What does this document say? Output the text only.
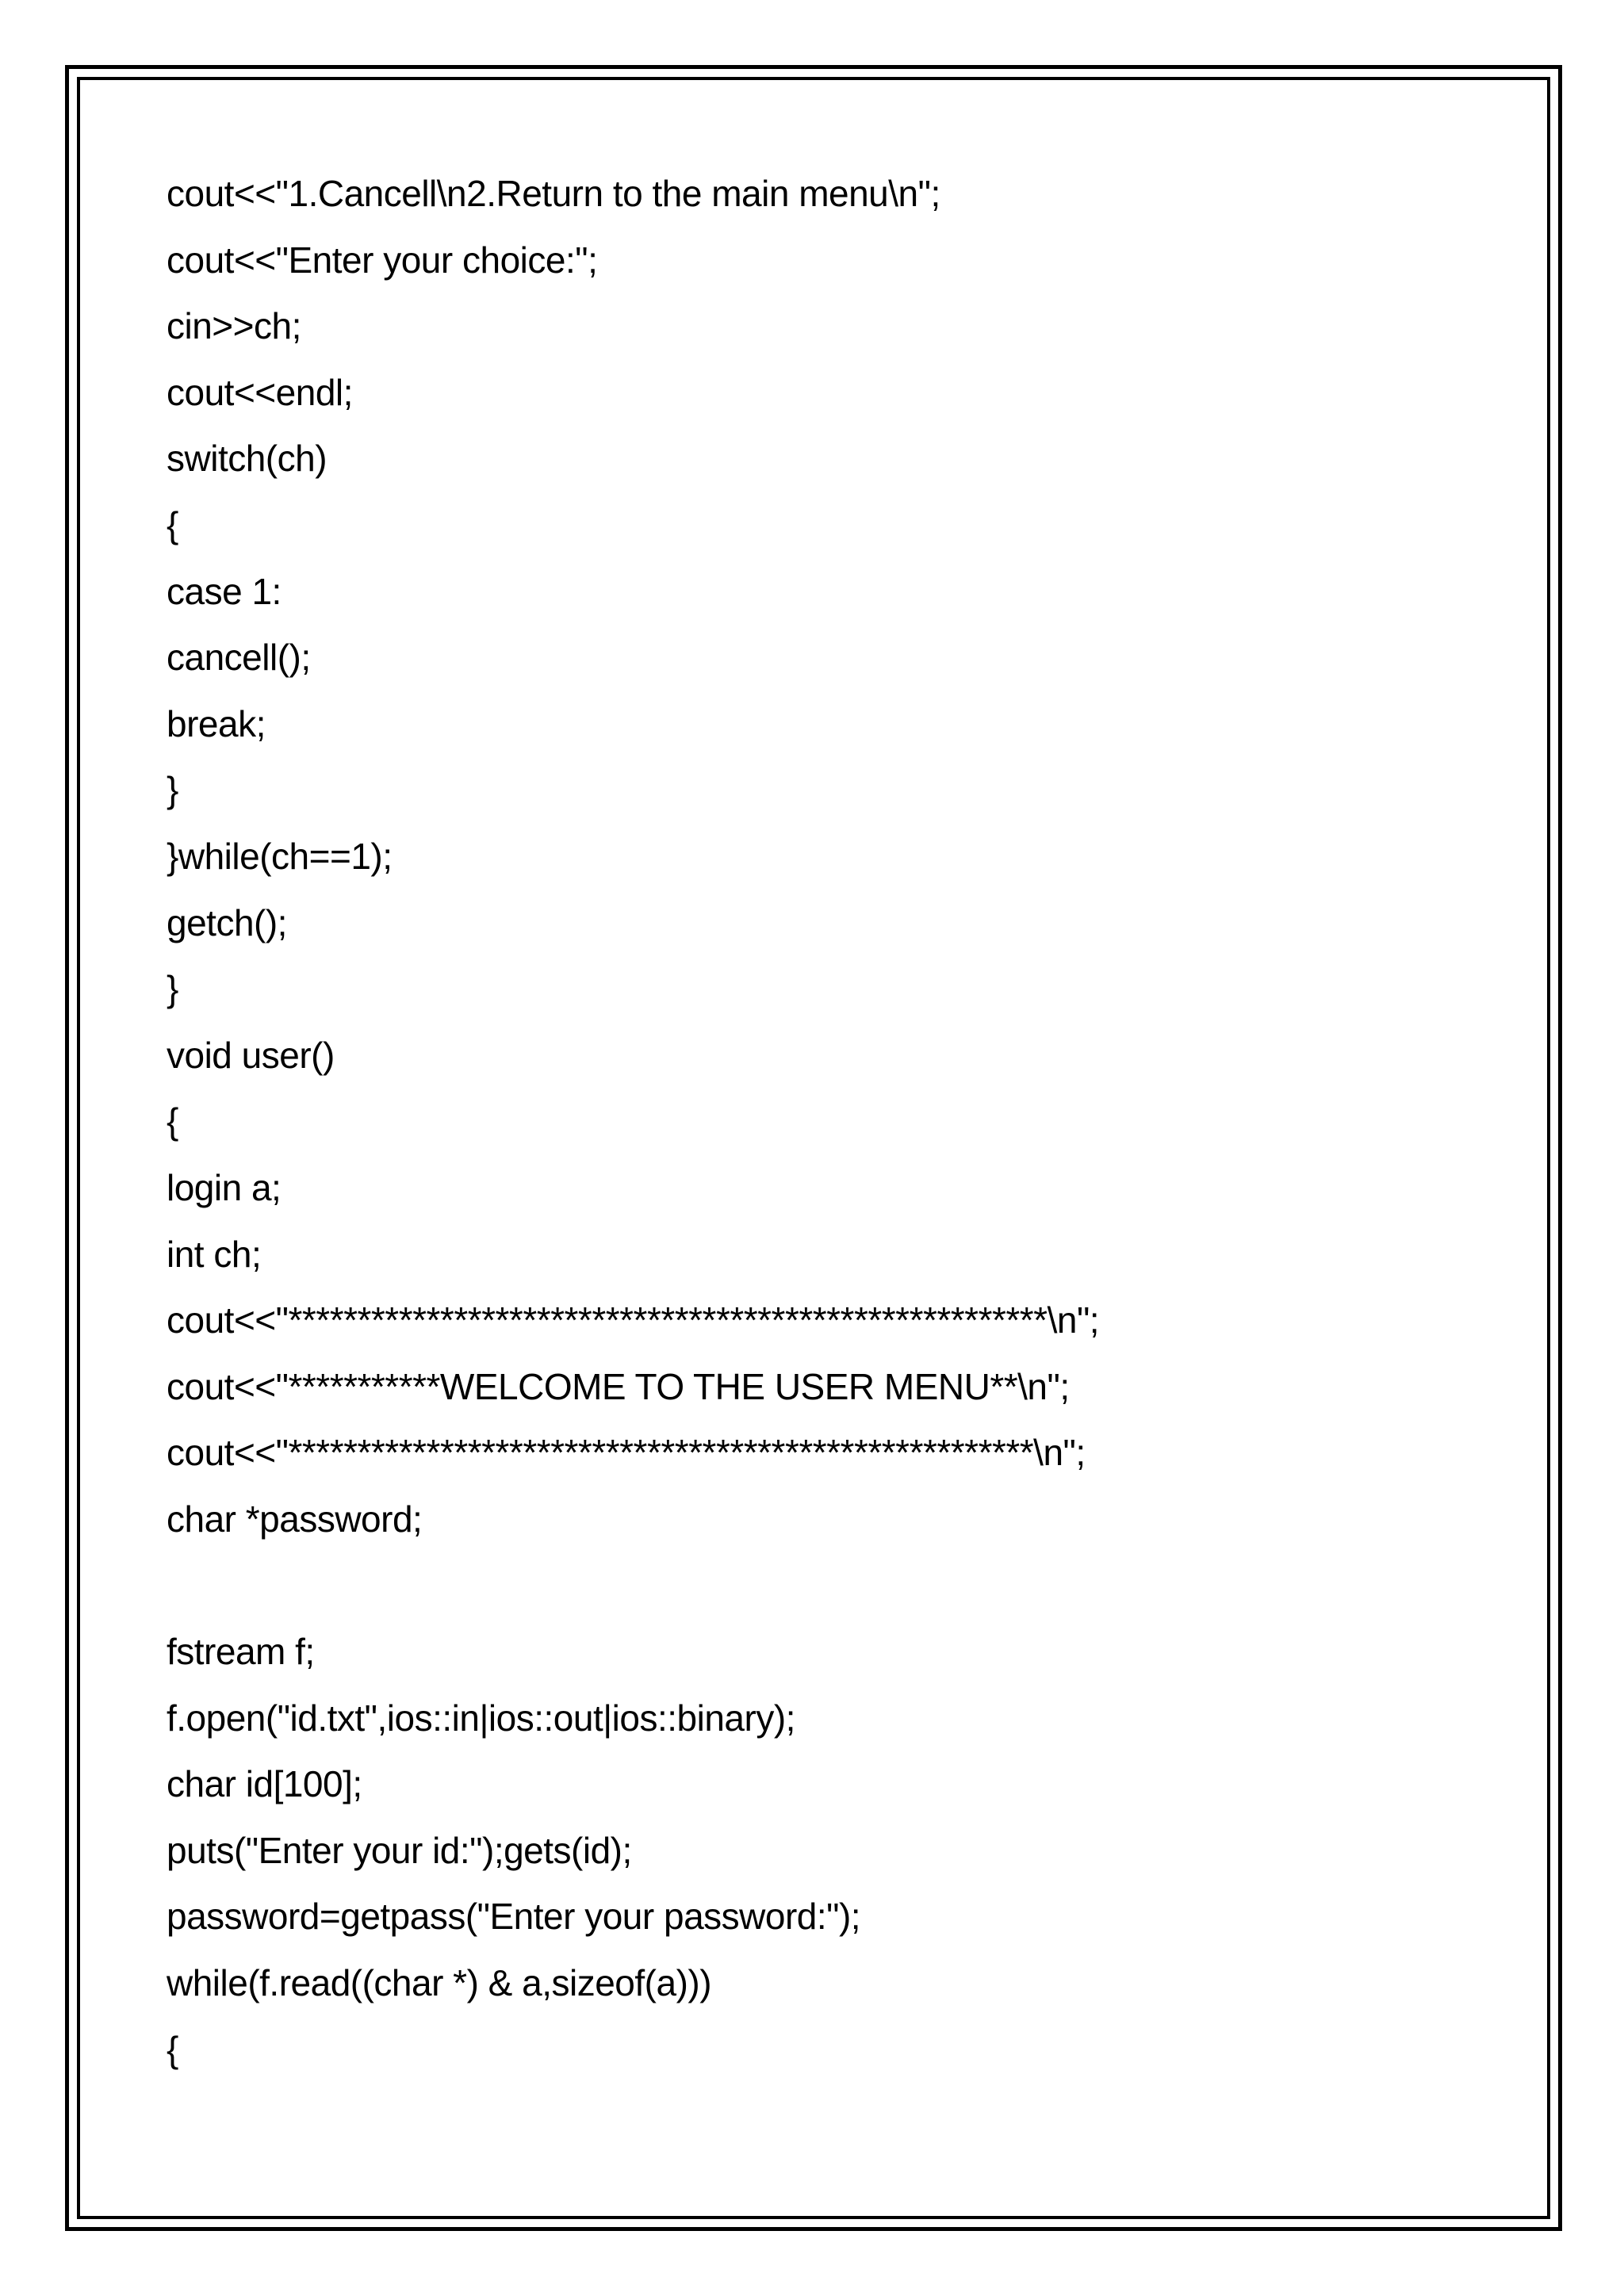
cout<<"1.Cancell\n2.Return to the main menu\n";
cout<<"Enter your choice:";
cin>>ch;
cout<<endl;
switch(ch)
{
case 1:
cancell();
break;
}
}while(ch==1);
getch();
}
void user()
{
login a;
int ch;
cout<<"*******************************************************\n";
cout<<"***********WELCOME TO THE USER MENU**\n";
cout<<"******************************************************\n";
char *password;
fstream f;
f.open("id.txt",ios::in|ios::out|ios::binary);
char id[100];
puts("Enter your id:");gets(id);
password=getpass("Enter your password:");
while(f.read((char *) & a,sizeof(a)))
{
